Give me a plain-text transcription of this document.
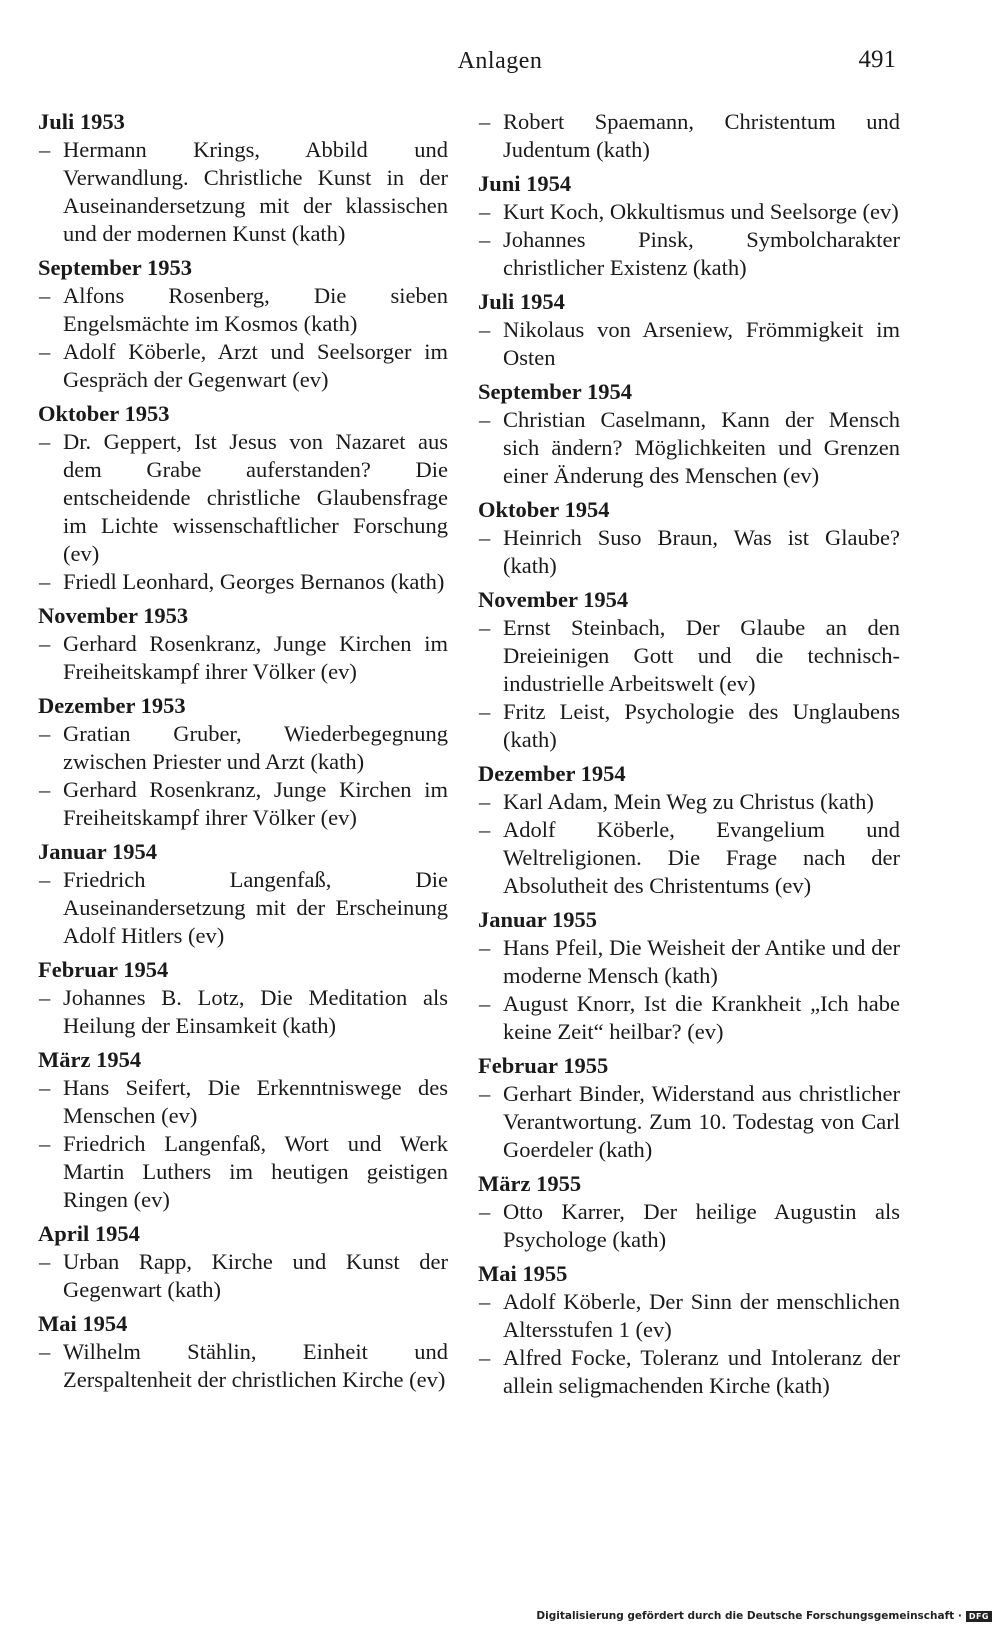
Anlagen	491
Juli 1953
– Hermann Krings, Abbild und Verwandlung. Christliche Kunst in der Auseinandersetzung mit der klassischen und der modernen Kunst (kath)
September 1953
– Alfons Rosenberg, Die sieben Engelsmächte im Kosmos (kath)
– Adolf Köberle, Arzt und Seelsorger im Gespräch der Gegenwart (ev)
Oktober 1953
– Dr. Geppert, Ist Jesus von Nazaret aus dem Grabe auferstanden? Die entscheidende christliche Glaubensfrage im Lichte wissenschaftlicher Forschung (ev)
– Friedl Leonhard, Georges Bernanos (kath)
November 1953
– Gerhard Rosenkranz, Junge Kirchen im Freiheitskampf ihrer Völker (ev)
Dezember 1953
– Gratian Gruber, Wiederbegegnung zwischen Priester und Arzt (kath)
– Gerhard Rosenkranz, Junge Kirchen im Freiheitskampf ihrer Völker (ev)
Januar 1954
– Friedrich Langenfaß, Die Auseinandersetzung mit der Erscheinung Adolf Hitlers (ev)
Februar 1954
– Johannes B. Lotz, Die Meditation als Heilung der Einsamkeit (kath)
März 1954
– Hans Seifert, Die Erkenntniswege des Menschen (ev)
– Friedrich Langenfaß, Wort und Werk Martin Luthers im heutigen geistigen Ringen (ev)
April 1954
– Urban Rapp, Kirche und Kunst der Gegenwart (kath)
Mai 1954
– Wilhelm Stählin, Einheit und Zerspaltenheit der christlichen Kirche (ev)
– Robert Spaemann, Christentum und Judentum (kath)
Juni 1954
– Kurt Koch, Okkultismus und Seelsorge (ev)
– Johannes Pinsk, Symbolcharakter christlicher Existenz (kath)
Juli 1954
– Nikolaus von Arseniew, Frömmigkeit im Osten
September 1954
– Christian Caselmann, Kann der Mensch sich ändern? Möglichkeiten und Grenzen einer Änderung des Menschen (ev)
Oktober 1954
– Heinrich Suso Braun, Was ist Glaube? (kath)
November 1954
– Ernst Steinbach, Der Glaube an den Dreieinigen Gott und die technisch-industrielle Arbeitswelt (ev)
– Fritz Leist, Psychologie des Unglaubens (kath)
Dezember 1954
– Karl Adam, Mein Weg zu Christus (kath)
– Adolf Köberle, Evangelium und Weltreligionen. Die Frage nach der Absolutheit des Christentums (ev)
Januar 1955
– Hans Pfeil, Die Weisheit der Antike und der moderne Mensch (kath)
– August Knorr, Ist die Krankheit „Ich habe keine Zeit“ heilbar? (ev)
Februar 1955
– Gerhart Binder, Widerstand aus christlicher Verantwortung. Zum 10. Todestag von Carl Goerdeler (kath)
März 1955
– Otto Karrer, Der heilige Augustin als Psychologe (kath)
Mai 1955
– Adolf Köberle, Der Sinn der menschlichen Altersstufen 1 (ev)
– Alfred Focke, Toleranz und Intoleranz der allein seligmachenden Kirche (kath)
Digitalisierung gefördert durch die Deutsche Forschungsgemeinschaft · DFG
